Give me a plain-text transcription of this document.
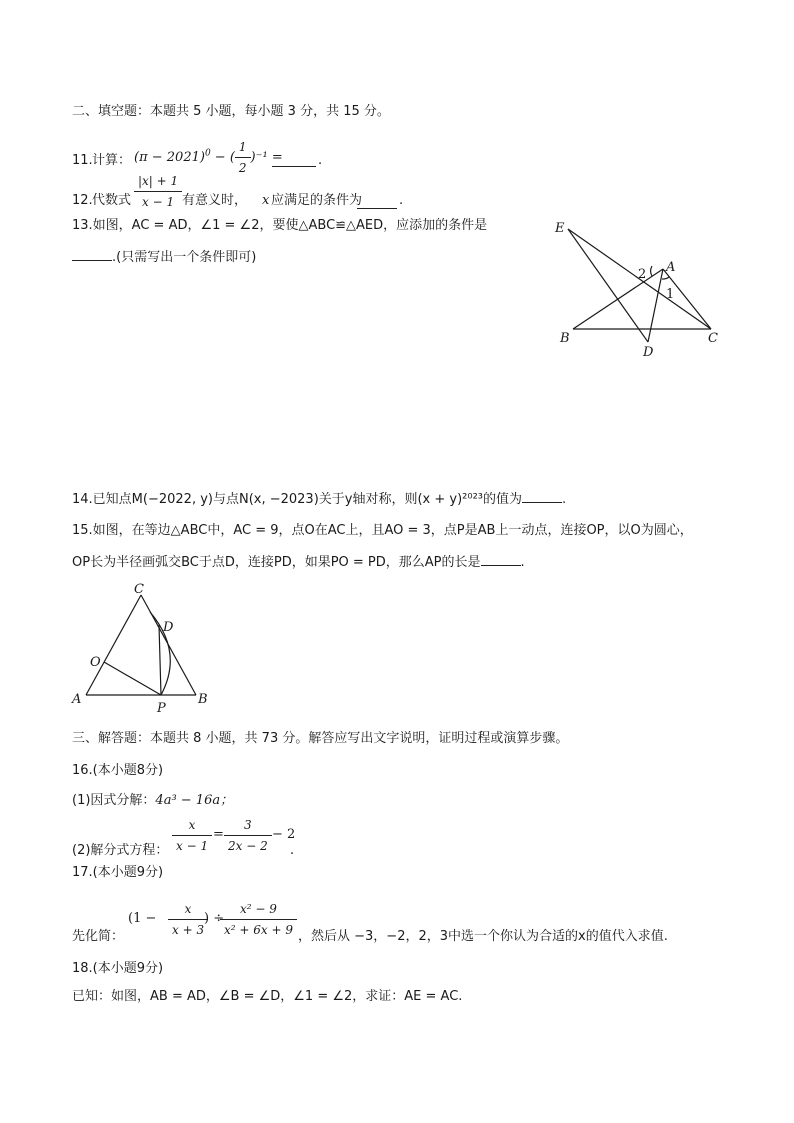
二、填空题：本题共 5 小题，每小题 3 分，共 15 分。
11. 计算： $(\pi - 2021)^0$ − ( $\frac{1}{2} )^{-1}$ =	.
12. 代数式 $\frac{|x| + 1}{x - 1}$ 有意义时， x 应满足的条件为	.
13.如图，AC = AD，∠1 = ∠2，要使△ABC≌△AED，应添加的条件是
.(只需写出一个条件即可)
E
A
B	C
D
1
2
14.已知点M(−2022, y)与点N(x, −2023)关于y轴对称，则(x + y)²⁰²³的值为	.
15.如图，在等边△ABC中，AC = 9，点O在AC上，且AO = 3，点P是AB上一动点，连接OP，以O为圆心，
OP长为半径画弧交BC于点D，连接PD，如果PO = PD，那么AP的长是	.
C
D
O
A	B
P
三、解答题：本题共 8 小题，共 73 分。解答应写出文字说明，证明过程或演算步骤。
16.(本小题8分)
(1)因式分解：4a³ − 16a；
(2)解分式方程： $\frac{x}{x - 1} = \frac{3}{2x - 2} - 2$
.
17.(本小题9分)
先化简：
($1 - \frac{x}{x + 3}$
) ÷
$\frac{\text{x² − 9}}{\text{x² + 6x + 9}}$ ，然后从 −3，−2，2，3中选一个你认为合适的x的值代入求值.
18.(本小题9分)
已知：如图，AB = AD，∠B = ∠D，∠1 = ∠2，求证：AE = AC.
